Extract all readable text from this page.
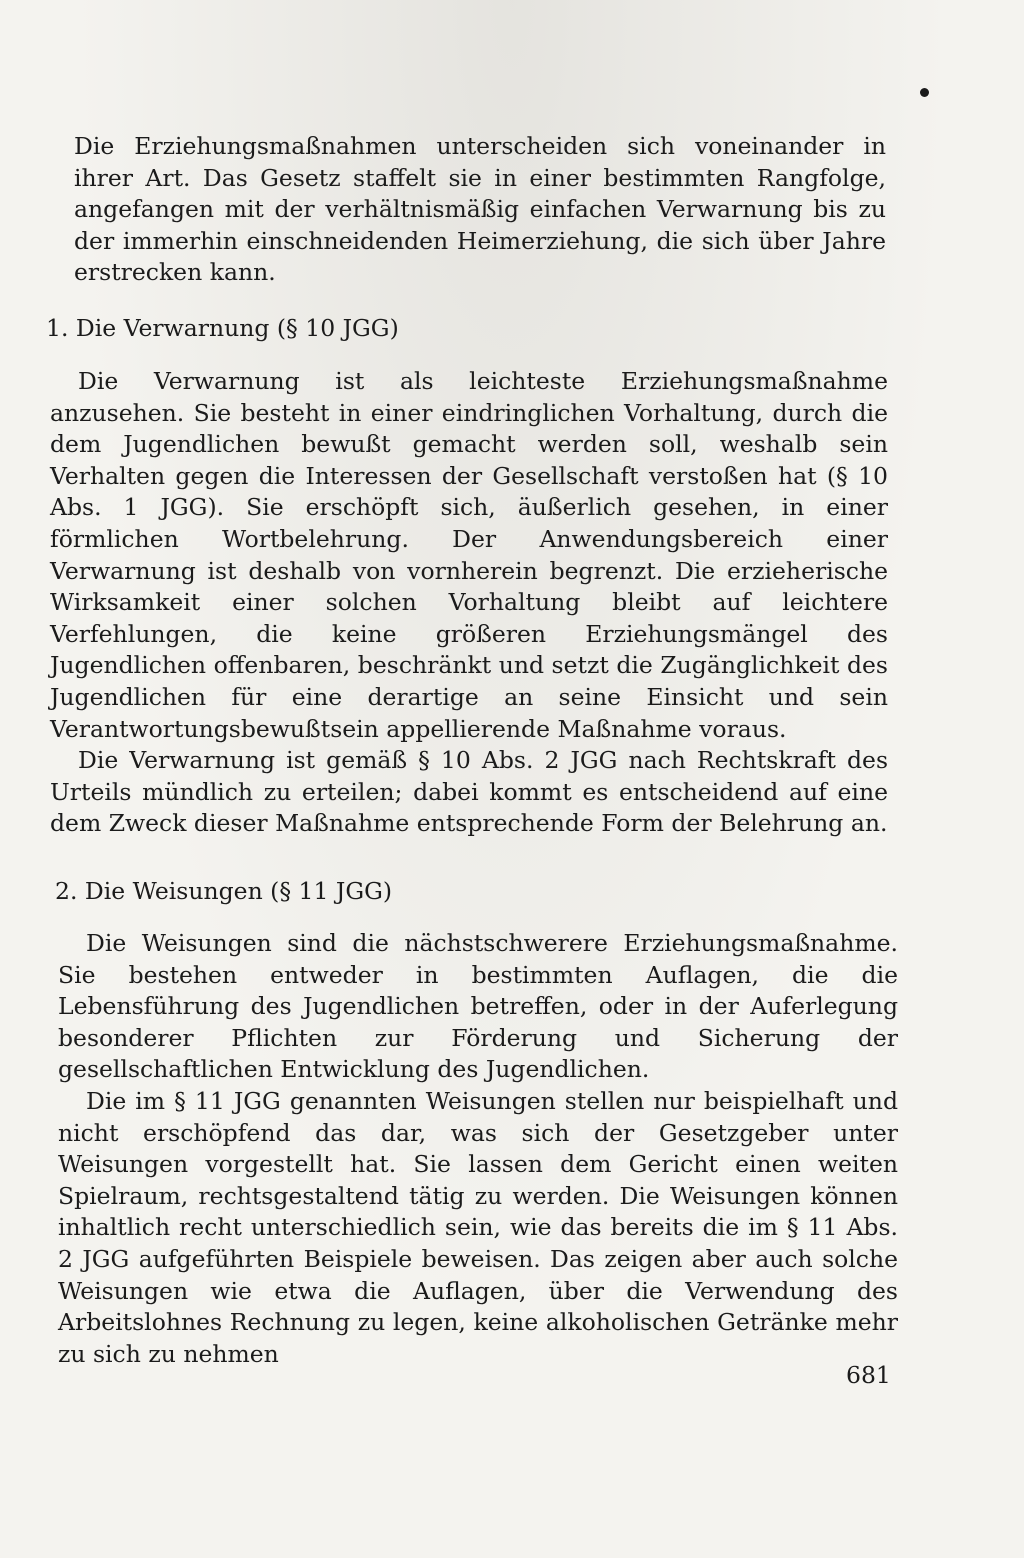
Die Erziehungsmaßnahmen unterscheiden sich voneinander in ihrer Art. Das Gesetz staffelt sie in einer bestimmten Rangfolge, angefangen mit der verhältnismäßig einfachen Verwarnung bis zu der immerhin einschneidenden Heimerziehung, die sich über Jahre erstrecken kann.

1. Die Verwarnung (§ 10 JGG)

Die Verwarnung ist als leichteste Erziehungsmaßnahme anzusehen. Sie besteht in einer eindringlichen Vorhaltung, durch die dem Jugendlichen bewußt gemacht werden soll, weshalb sein Verhalten gegen die Interessen der Gesellschaft verstoßen hat (§ 10 Abs. 1 JGG). Sie erschöpft sich, äußerlich gesehen, in einer förmlichen Wortbelehrung. Der Anwendungsbereich einer Verwarnung ist deshalb von vornherein begrenzt. Die erzieherische Wirksamkeit einer solchen Vorhaltung bleibt auf leichtere Verfehlungen, die keine größeren Erziehungsmängel des Jugendlichen offenbaren, beschränkt und setzt die Zugänglichkeit des Jugendlichen für eine derartige an seine Einsicht und sein Verantwortungsbewußtsein appellierende Maßnahme voraus.

Die Verwarnung ist gemäß § 10 Abs. 2 JGG nach Rechtskraft des Urteils mündlich zu erteilen; dabei kommt es entscheidend auf eine dem Zweck dieser Maßnahme entsprechende Form der Belehrung an.

2. Die Weisungen (§ 11 JGG)

Die Weisungen sind die nächstschwerere Erziehungsmaßnahme. Sie bestehen entweder in bestimmten Auflagen, die die Lebensführung des Jugendlichen betreffen, oder in der Auferlegung besonderer Pflichten zur Förderung und Sicherung der gesellschaftlichen Entwicklung des Jugendlichen.

Die im § 11 JGG genannten Weisungen stellen nur beispielhaft und nicht erschöpfend das dar, was sich der Gesetzgeber unter Weisungen vorgestellt hat. Sie lassen dem Gericht einen weiten Spielraum, rechtsgestaltend tätig zu werden. Die Weisungen können inhaltlich recht unterschiedlich sein, wie das bereits die im § 11 Abs. 2 JGG aufgeführten Beispiele beweisen. Das zeigen aber auch solche Weisungen wie etwa die Auflagen, über die Verwendung des Arbeitslohnes Rechnung zu legen, keine alkoholischen Getränke mehr zu sich zu nehmen

681
